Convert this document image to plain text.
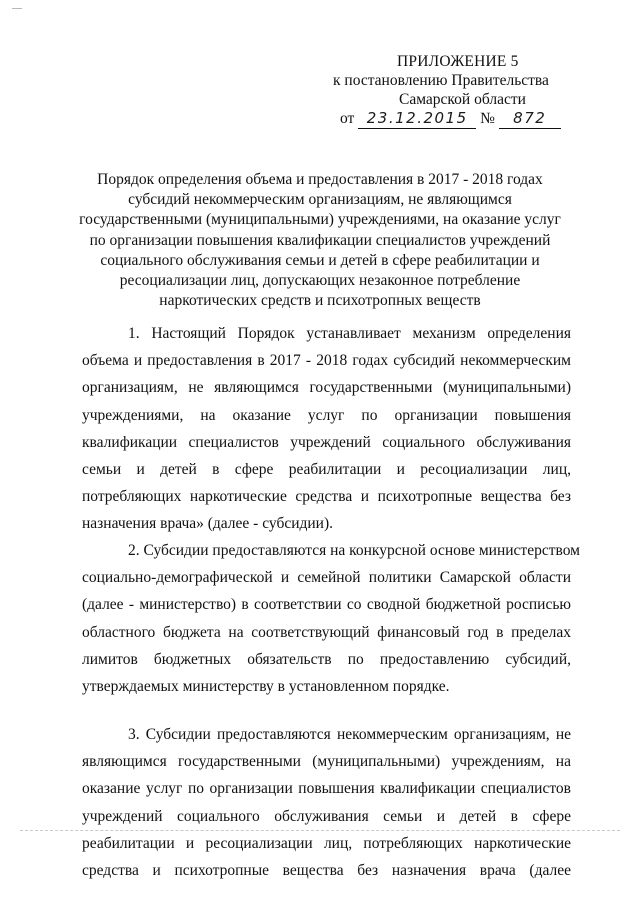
ПРИЛОЖЕНИЕ 5
к постановлению Правительства
Самарской области
от 23.12.2015 № 872
Порядок определения объема и предоставления в 2017 - 2018 годах
субсидий некоммерческим организациям, не являющимся
государственными (муниципальными) учреждениями, на оказание услуг
по организации повышения квалификации специалистов учреждений
социального обслуживания семьи и детей в сфере реабилитации и
ресоциализации лиц, допускающих незаконное потребление
наркотических средств и психотропных веществ
1. Настоящий Порядок устанавливает механизм определения
объема и предоставления в 2017 - 2018 годах субсидий некоммерческим
организациям, не являющимся государственными (муниципальными)
учреждениями, на оказание услуг по организации повышения
квалификации специалистов учреждений социального обслуживания
семьи и детей в сфере реабилитации и ресоциализации лиц,
потребляющих наркотические средства и психотропные вещества без
назначения врача» (далее - субсидии).
2. Субсидии предоставляются на конкурсной основе министерством
социально-демографической и семейной политики Самарской области
(далее - министерство) в соответствии со сводной бюджетной росписью
областного бюджета на соответствующий финансовый год в пределах
лимитов бюджетных обязательств по предоставлению субсидий,
утверждаемых министерству в установленном порядке.
3. Субсидии предоставляются некоммерческим организациям, не
являющимся государственными (муниципальными) учреждениям, на
оказание услуг по организации повышения квалификации специалистов
учреждений социального обслуживания семьи и детей в сфере
реабилитации и ресоциализации лиц, потребляющих наркотические
средства и психотропные вещества без назначения врача (далее
